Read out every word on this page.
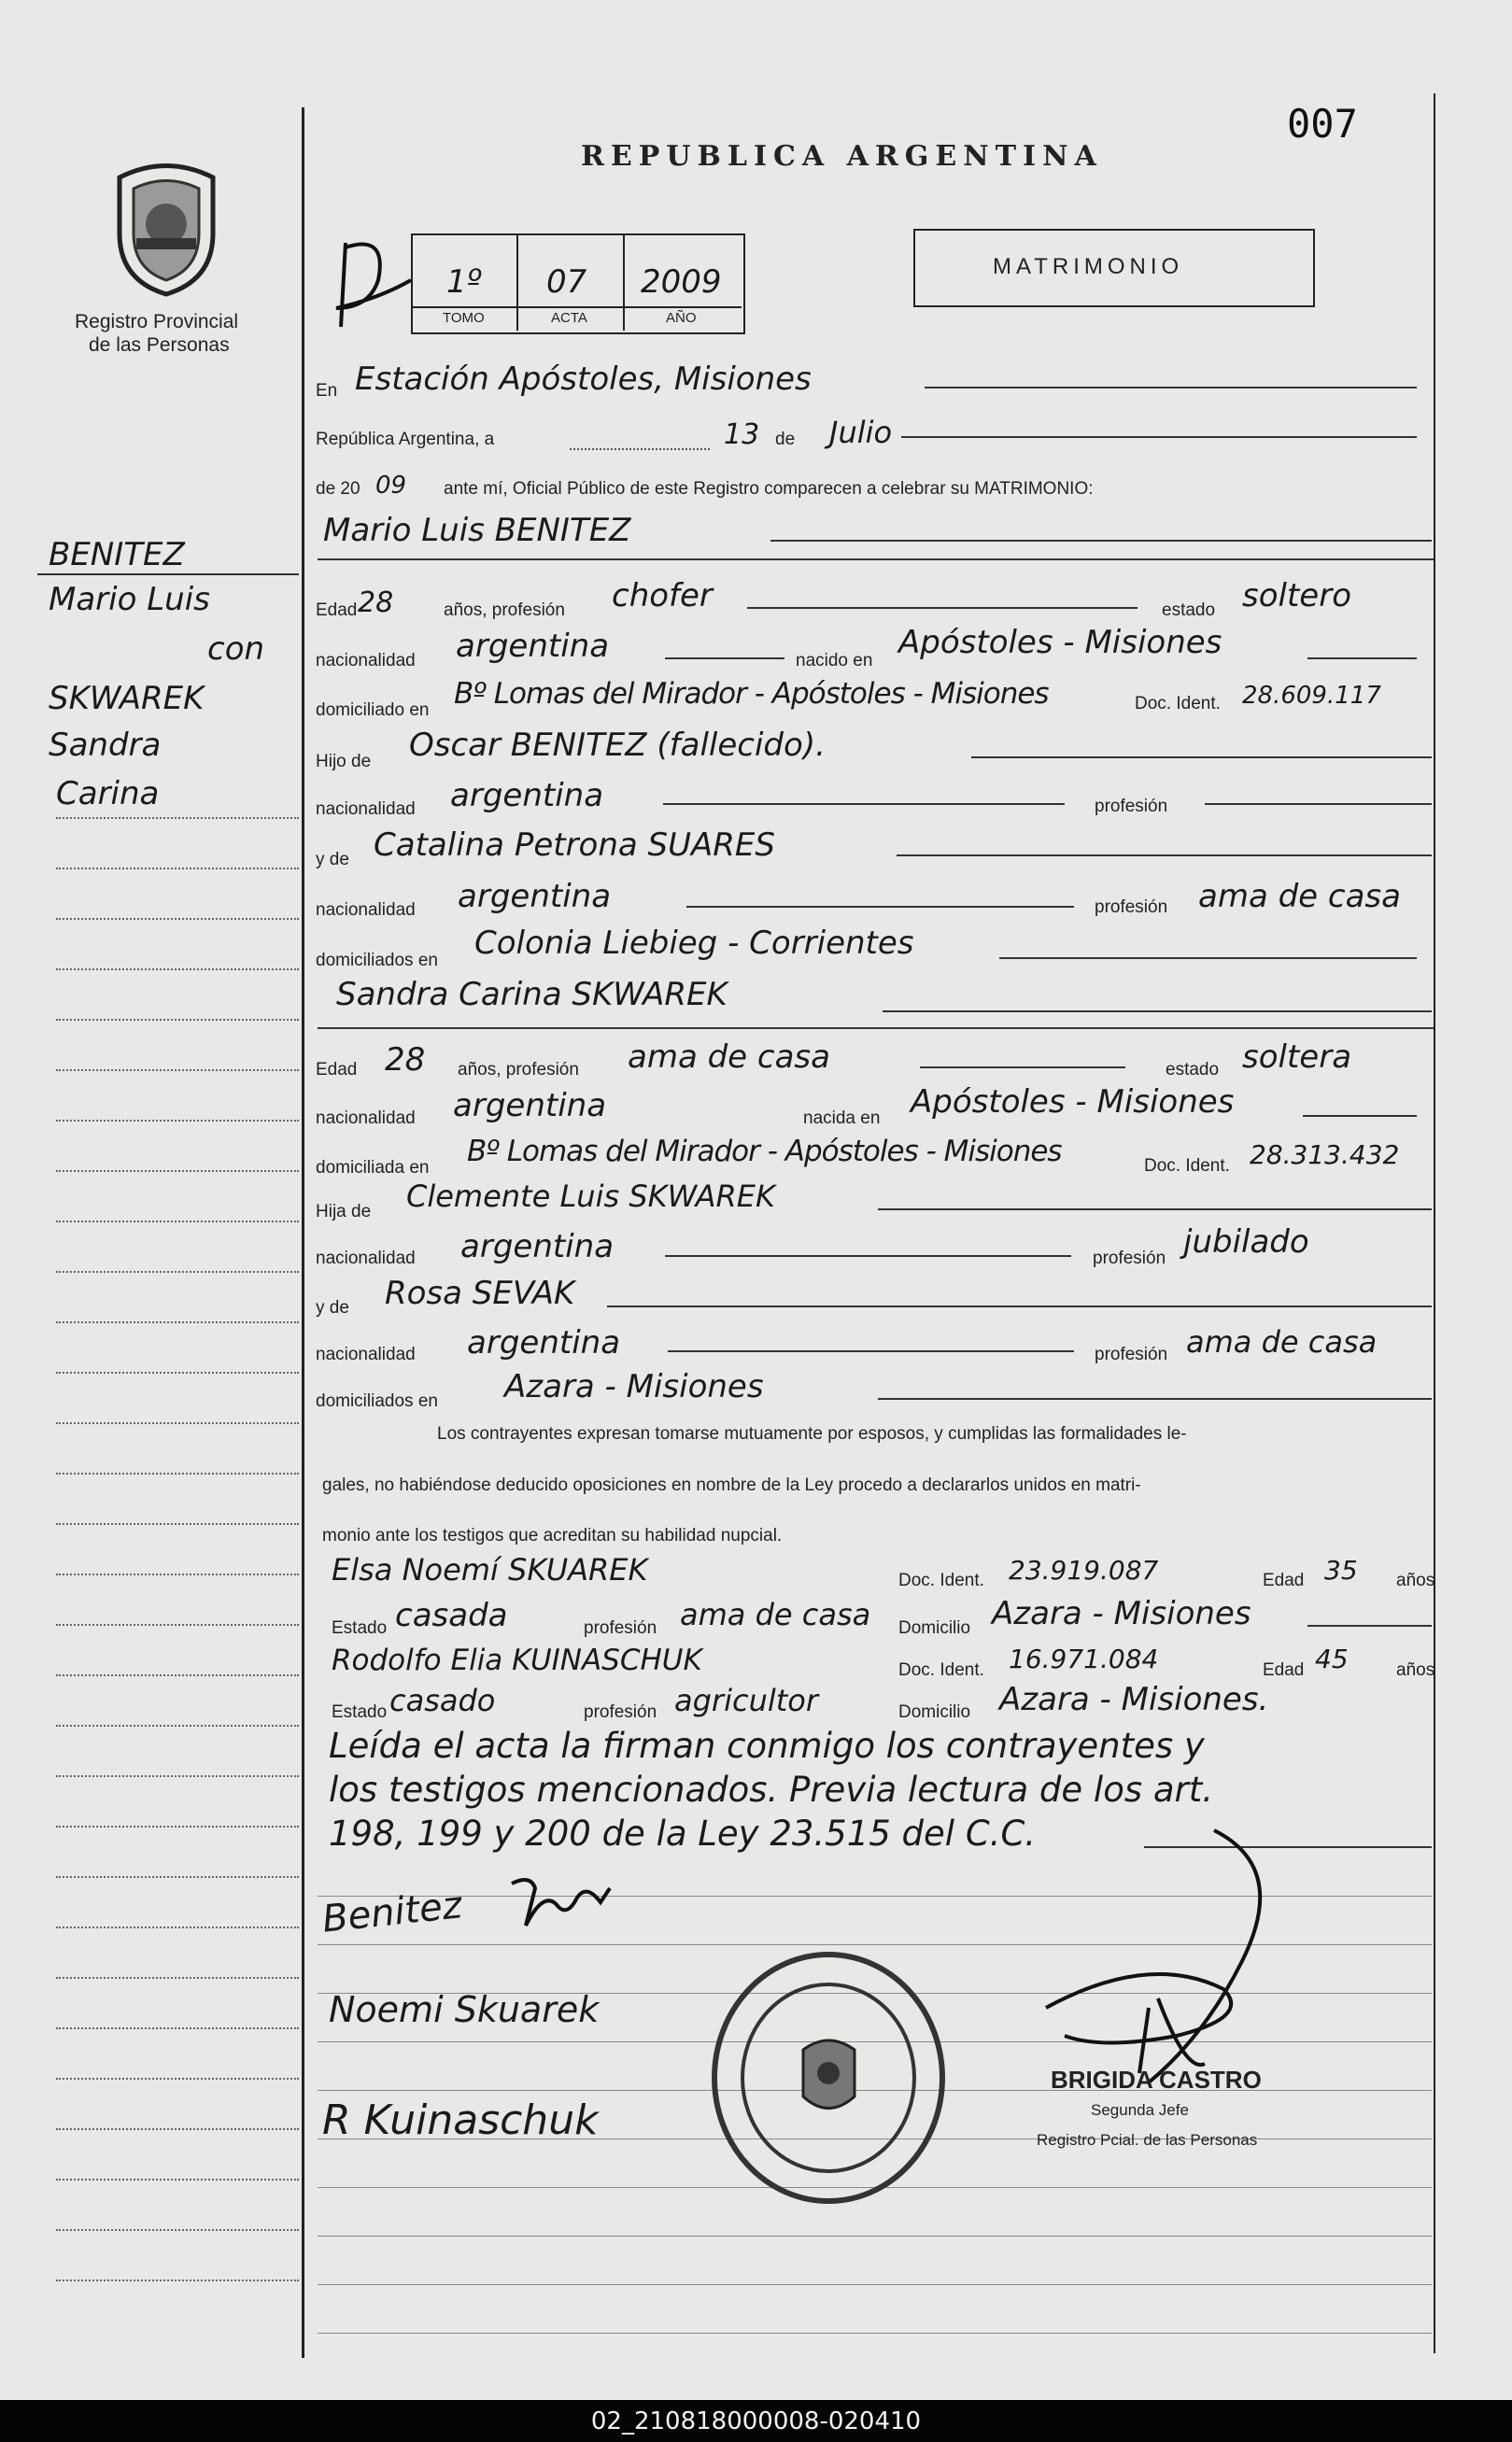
007
REPUBLICA ARGENTINA
Registro Provincial
de las Personas
1º 07 2009
TOMO	ACTA	AÑO
MATRIMONIO
BENITEZ
Mario Luis
con
SKWAREK
Sandra
Carina
En Estación Apóstoles, Misiones
República Argentina, a	13 de Julio
de 20 09 ante mí, Oficial Público de este Registro comparecen a celebrar su MATRIMONIO:
Mario Luis BENITEZ
Edad 28	años, profesión chofer	estado soltero
nacionalidad argentina	nacido en Apóstoles - Misiones
domiciliado en Bº Lomas del Mirador - Apóstoles - Misiones	Doc. Ident. 28.609.117
Hijo de Oscar BENITEZ (fallecido).
nacionalidad argentina	profesión
y de Catalina Petrona SUARES
nacionalidad argentina	profesión ama de casa
domiciliados en Colonia Liebieg - Corrientes
Sandra Carina SKWAREK
Edad 28 años, profesión ama de casa	estado soltera
nacionalidad argentina	nacida en Apóstoles - Misiones
domiciliada en Bº Lomas del Mirador - Apóstoles - Misiones	Doc. Ident. 28.313.432
Hija de Clemente Luis SKWAREK
nacionalidad argentina	profesión jubilado
y de Rosa SEVAK
nacionalidad argentina	profesión ama de casa
domiciliados en Azara - Misiones
Los contrayentes expresan tomarse mutuamente por esposos, y cumplidas las formalidades le-
gales, no habiéndose deducido oposiciones en nombre de la Ley procedo a declararlos unidos en matri-
monio ante los testigos que acreditan su habilidad nupcial.
Elsa Noemí SKUAREK	Doc. Ident. 23.919.087	Edad 35 años
Estado casada	profesión ama de casa Domicilio Azara - Misiones
Rodolfo Elia KUINASCHUK	Doc. Ident. 16.971.084	Edad 45	años
Estado casado	profesión agricultor	Domicilio Azara - Misiones.
Leída el acta la firman conmigo los contrayentes y
los testigos mencionados. Previa lectura de los art.
198, 199 y 200 de la Ley 23.515 del C.C.
Benitez
Noemi Skuarek
R Kuinaschuk
BRIGIDA CASTRO
Segunda Jefe
Registro Pcial. de las Personas
02_210818000008-020410
